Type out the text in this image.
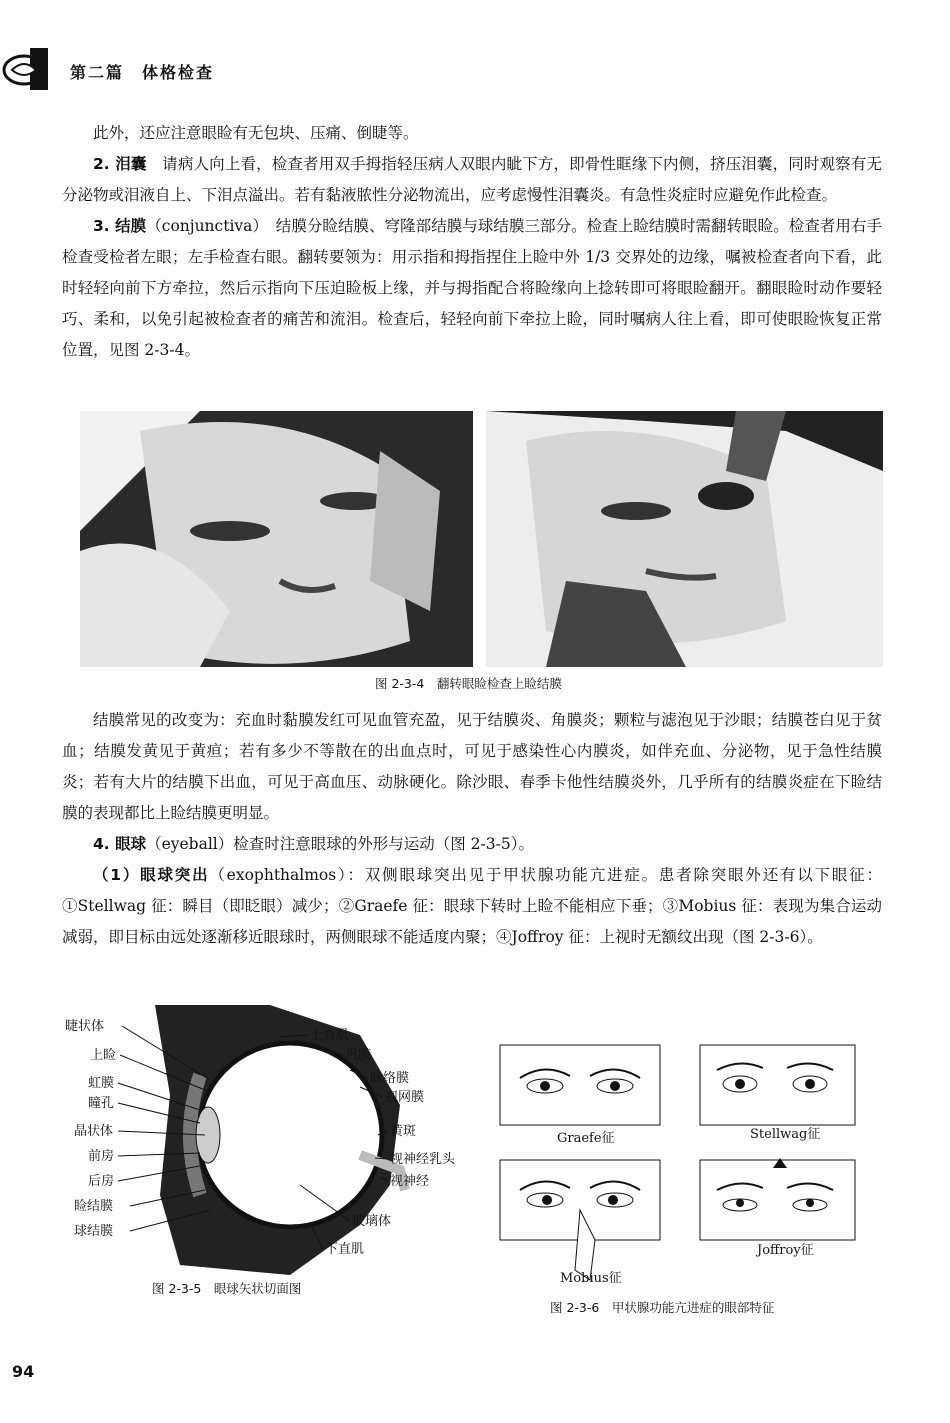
第二篇　体格检查

此外，还应注意眼睑有无包块、压痛、倒睫等。

2. 泪囊　请病人向上看，检查者用双手拇指轻压病人双眼内眦下方，即骨性眶缘下内侧，挤压泪囊，同时观察有无分泌物或泪液自上、下泪点溢出。若有黏液脓性分泌物流出，应考虑慢性泪囊炎。有急性炎症时应避免作此检查。

3. 结膜（conjunctiva）　结膜分睑结膜、穹隆部结膜与球结膜三部分。检查上睑结膜时需翻转眼睑。检查者用右手检查受检者左眼；左手检查右眼。翻转要领为：用示指和拇指捏住上睑中外 1/3 交界处的边缘，嘱被检查者向下看，此时轻轻向前下方牵拉，然后示指向下压迫睑板上缘，并与拇指配合将睑缘向上捻转即可将眼睑翻开。翻眼睑时动作要轻巧、柔和，以免引起被检查者的痛苦和流泪。检查后，轻轻向前下牵拉上睑，同时嘱病人往上看，即可使眼睑恢复正常位置，见图 2-3-4。

图 2-3-4　翻转眼睑检查上睑结膜

结膜常见的改变为：充血时黏膜发红可见血管充盈，见于结膜炎、角膜炎；颗粒与滤泡见于沙眼；结膜苍白见于贫血；结膜发黄见于黄疸；若有多少不等散在的出血点时，可见于感染性心内膜炎，如伴充血、分泌物，见于急性结膜炎；若有大片的结膜下出血，可见于高血压、动脉硬化。除沙眼、春季卡他性结膜炎外，几乎所有的结膜炎症在下睑结膜的表现都比上睑结膜更明显。

4. 眼球（eyeball）检查时注意眼球的外形与运动（图 2-3-5）。

（1）眼球突出（exophthalmos）：双侧眼球突出见于甲状腺功能亢进症。患者除突眼外还有以下眼征：①Stellwag 征：瞬目（即眨眼）减少；②Graefe 征：眼球下转时上睑不能相应下垂；③Mobius 征：表现为集合运动减弱，即目标由远处逐渐移近眼球时，两侧眼球不能适度内聚；④Joffroy 征：上视时无额纹出现（图 2-3-6）。

睫状体
上睑
虹膜
瞳孔
晶状体
前房
后房
睑结膜
球结膜
上直肌
巩膜
脉络膜
视网膜
黄斑
视神经乳头
视神经
玻璃体
下直肌
图 2-3-5　眼球矢状切面图
Graefe征	Stellwag征
Mobius征
Joffroy征
图 2-3-6　甲状腺功能亢进症的眼部特征
94
